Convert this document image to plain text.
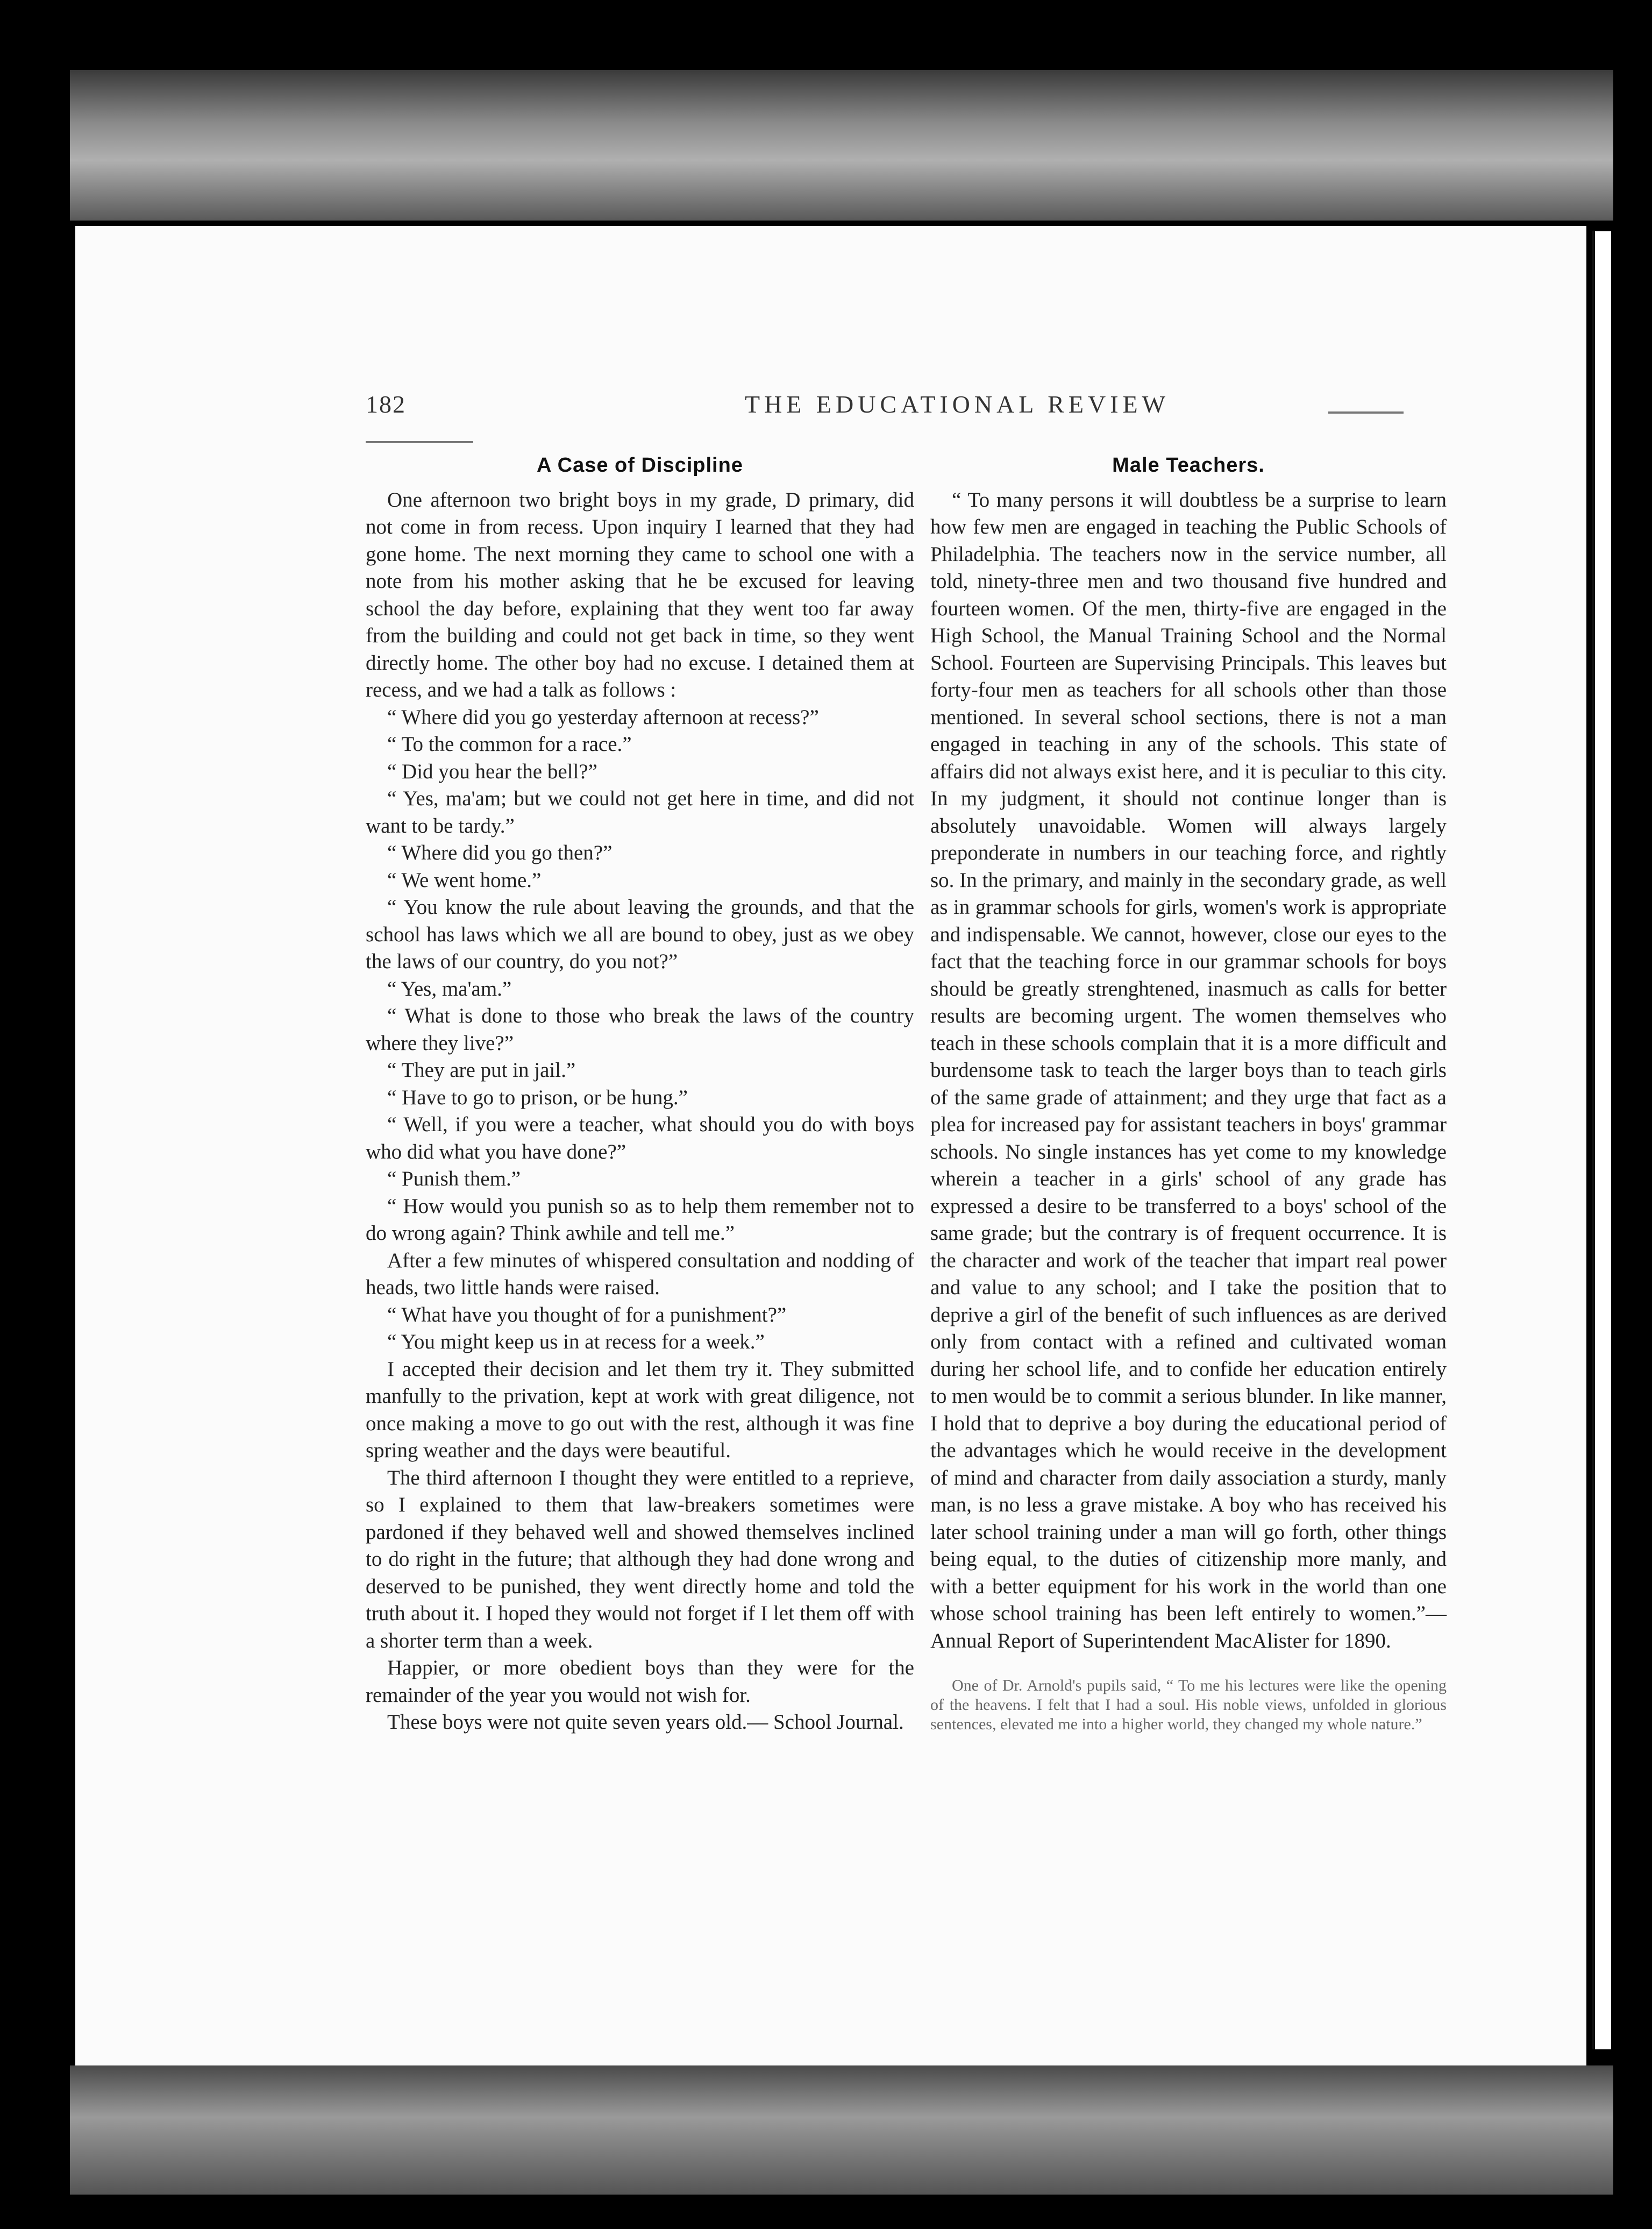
182	THE EDUCATIONAL REVIEW
A Case of Discipline

One afternoon two bright boys in my grade, D primary, did not come in from recess. Upon inquiry I learned that they had gone home. The next morning they came to school one with a note from his mother asking that he be excused for leaving school the day before, explaining that they went too far away from the building and could not get back in time, so they went directly home. The other boy had no excuse. I detained them at recess, and we had a talk as follows :

“ Where did you go yesterday afternoon at recess?”

“ To the common for a race.”

“ Did you hear the bell?”

“ Yes, ma'am; but we could not get here in time, and did not want to be tardy.”

“ Where did you go then?”

“ We went home.”

“ You know the rule about leaving the grounds, and that the school has laws which we all are bound to obey, just as we obey the laws of our country, do you not?”

“ Yes, ma'am.”

“ What is done to those who break the laws of the country where they live?”

“ They are put in jail.”

“ Have to go to prison, or be hung.”

“ Well, if you were a teacher, what should you do with boys who did what you have done?”

“ Punish them.”

“ How would you punish so as to help them remember not to do wrong again? Think awhile and tell me.”

After a few minutes of whispered consultation and nodding of heads, two little hands were raised.

“ What have you thought of for a punishment?”

“ You might keep us in at recess for a week.”

I accepted their decision and let them try it. They submitted manfully to the privation, kept at work with great diligence, not once making a move to go out with the rest, although it was fine spring weather and the days were beautiful.

The third afternoon I thought they were entitled to a reprieve, so I explained to them that law-breakers sometimes were pardoned if they behaved well and showed themselves inclined to do right in the future; that although they had done wrong and deserved to be punished, they went directly home and told the truth about it. I hoped they would not forget if I let them off with a shorter term than a week.

Happier, or more obedient boys than they were for the remainder of the year you would not wish for.

These boys were not quite seven years old.— School Journal.

Male Teachers.

“ To many persons it will doubtless be a surprise to learn how few men are engaged in teaching the Public Schools of Philadelphia. The teachers now in the service number, all told, ninety-three men and two thousand five hundred and fourteen women. Of the men, thirty-five are engaged in the High School, the Manual Training School and the Normal School. Fourteen are Supervising Principals. This leaves but forty-four men as teachers for all schools other than those mentioned. In several school sections, there is not a man engaged in teaching in any of the schools. This state of affairs did not always exist here, and it is peculiar to this city. In my judgment, it should not continue longer than is absolutely unavoidable. Women will always largely preponderate in numbers in our teaching force, and rightly so. In the primary, and mainly in the secondary grade, as well as in grammar schools for girls, women's work is appropriate and indispensable. We cannot, however, close our eyes to the fact that the teaching force in our grammar schools for boys should be greatly strenghtened, inasmuch as calls for better results are becoming urgent. The women themselves who teach in these schools complain that it is a more difficult and burdensome task to teach the larger boys than to teach girls of the same grade of attainment; and they urge that fact as a plea for increased pay for assistant teachers in boys' grammar schools. No single instances has yet come to my knowledge wherein a teacher in a girls' school of any grade has expressed a desire to be transferred to a boys' school of the same grade; but the contrary is of frequent occurrence. It is the character and work of the teacher that impart real power and value to any school; and I take the position that to deprive a girl of the benefit of such influences as are derived only from contact with a refined and cultivated woman during her school life, and to confide her education entirely to men would be to commit a serious blunder. In like manner, I hold that to deprive a boy during the educational period of the advantages which he would receive in the development of mind and character from daily association a sturdy, manly man, is no less a grave mistake. A boy who has received his later school training under a man will go forth, other things being equal, to the duties of citizenship more manly, and with a better equipment for his work in the world than one whose school training has been left entirely to women.”— Annual Report of Superintendent MacAlister for 1890.

One of Dr. Arnold's pupils said, “ To me his lectures were like the opening of the heavens. I felt that I had a soul. His noble views, unfolded in glorious sentences, elevated me into a higher world, they changed my whole nature.”
